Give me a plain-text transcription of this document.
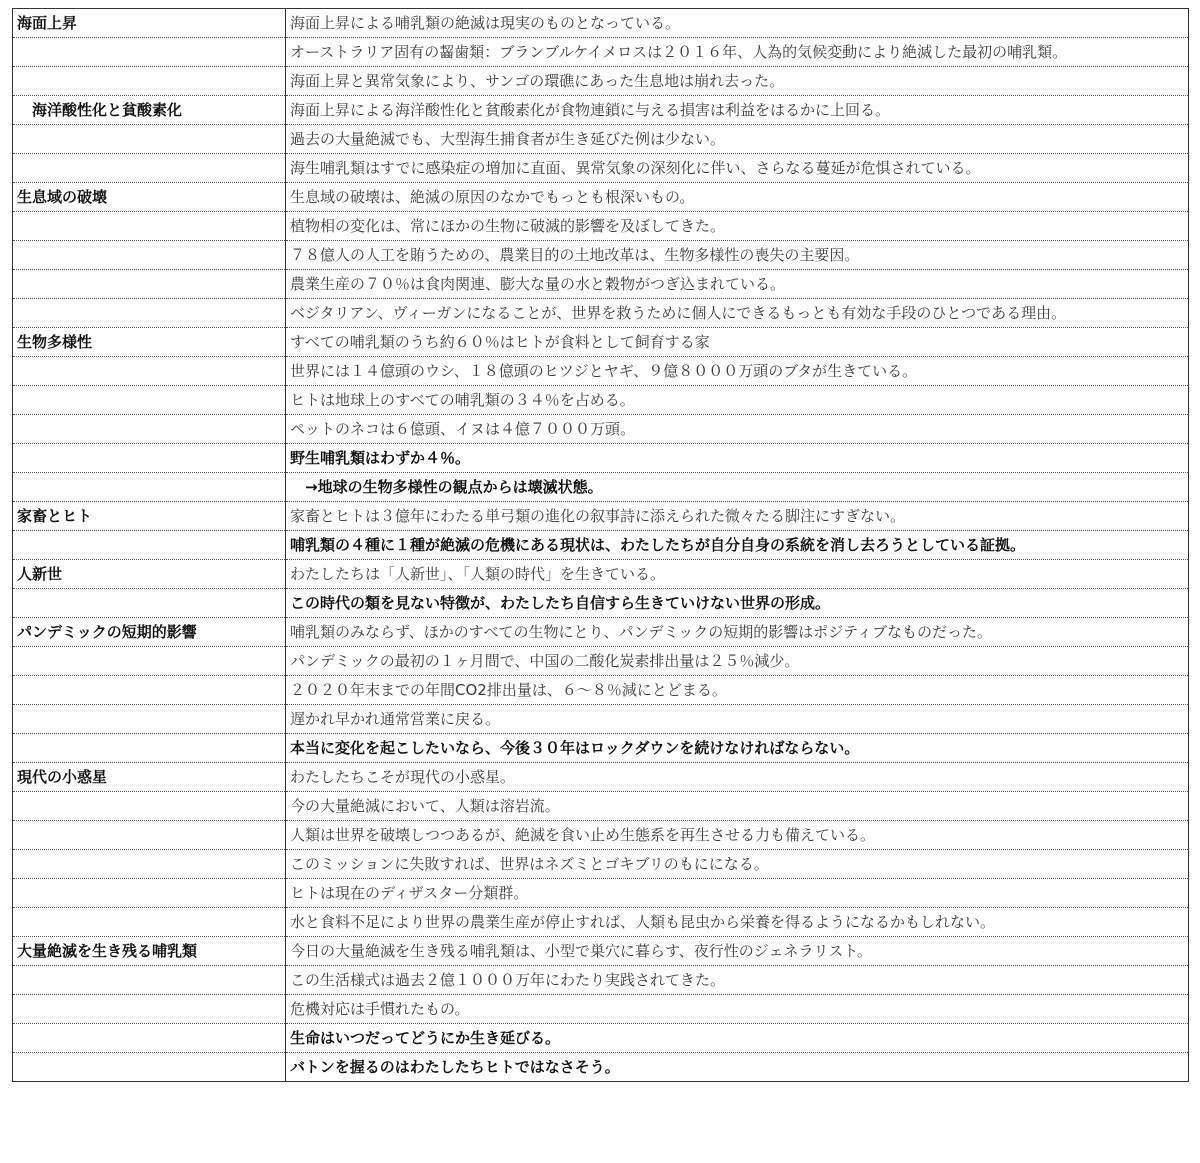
海面上昇	海面上昇による哺乳類の絶滅は現実のものとなっている。
	オーストラリア固有の齧歯類：ブランブルケイメロスは２０１６年、人為的気候変動により絶滅した最初の哺乳類。
	海面上昇と異常気象により、サンゴの環礁にあった生息地は崩れ去った。
　海洋酸性化と貧酸素化	海面上昇による海洋酸性化と貧酸素化が食物連鎖に与える損害は利益をはるかに上回る。
	過去の大量絶滅でも、大型海生捕食者が生き延びた例は少ない。
	海生哺乳類はすでに感染症の増加に直面、異常気象の深刻化に伴い、さらなる蔓延が危惧されている。
生息域の破壊	生息域の破壊は、絶滅の原因のなかでもっとも根深いもの。
	植物相の変化は、常にほかの生物に破滅的影響を及ぼしてきた。
	７８億人の人工を賄うための、農業目的の土地改革は、生物多様性の喪失の主要因。
	農業生産の７０％は食肉関連、膨大な量の水と穀物がつぎ込まれている。
	ベジタリアン、ヴィーガンになることが、世界を救うために個人にできるもっとも有効な手段のひとつである理由。
生物多様性	すべての哺乳類のうち約６０％はヒトが食料として飼育する家
	世界には１４億頭のウシ、１８億頭のヒツジとヤギ、９億８０００万頭のブタが生きている。
	ヒトは地球上のすべての哺乳類の３４％を占める。
	ペットのネコは６億頭、イヌは４億７０００万頭。
	野生哺乳類はわずか４％。
	　→地球の生物多様性の観点からは壊滅状態。
家畜とヒト	家畜とヒトは３億年にわたる単弓類の進化の叙事詩に添えられた微々たる脚注にすぎない。
	哺乳類の４種に１種が絶滅の危機にある現状は、わたしたちが自分自身の系統を消し去ろうとしている証拠。
人新世	わたしたちは「人新世」、「人類の時代」を生きている。
	この時代の類を見ない特徴が、わたしたち自信すら生きていけない世界の形成。
パンデミックの短期的影響	哺乳類のみならず、ほかのすべての生物にとり、パンデミックの短期的影響はポジティブなものだった。
	パンデミックの最初の１ヶ月間で、中国の二酸化炭素排出量は２５％減少。
	２０２０年末までの年間CO2排出量は、６～８％減にとどまる。
	遅かれ早かれ通常営業に戻る。
	本当に変化を起こしたいなら、今後３０年はロックダウンを続けなければならない。
現代の小惑星	わたしたちこそが現代の小惑星。
	今の大量絶滅において、人類は溶岩流。
	人類は世界を破壊しつつあるが、絶滅を食い止め生態系を再生させる力も備えている。
	このミッションに失敗すれば、世界はネズミとゴキブリのもにになる。
	ヒトは現在のディザスター分類群。
	水と食料不足により世界の農業生産が停止すれば、人類も昆虫から栄養を得るようになるかもしれない。
大量絶滅を生き残る哺乳類	今日の大量絶滅を生き残る哺乳類は、小型で巣穴に暮らす、夜行性のジェネラリスト。
	この生活様式は過去２億１０００万年にわたり実践されてきた。
	危機対応は手慣れたもの。
	生命はいつだってどうにか生き延びる。
	バトンを握るのはわたしたちヒトではなさそう。
